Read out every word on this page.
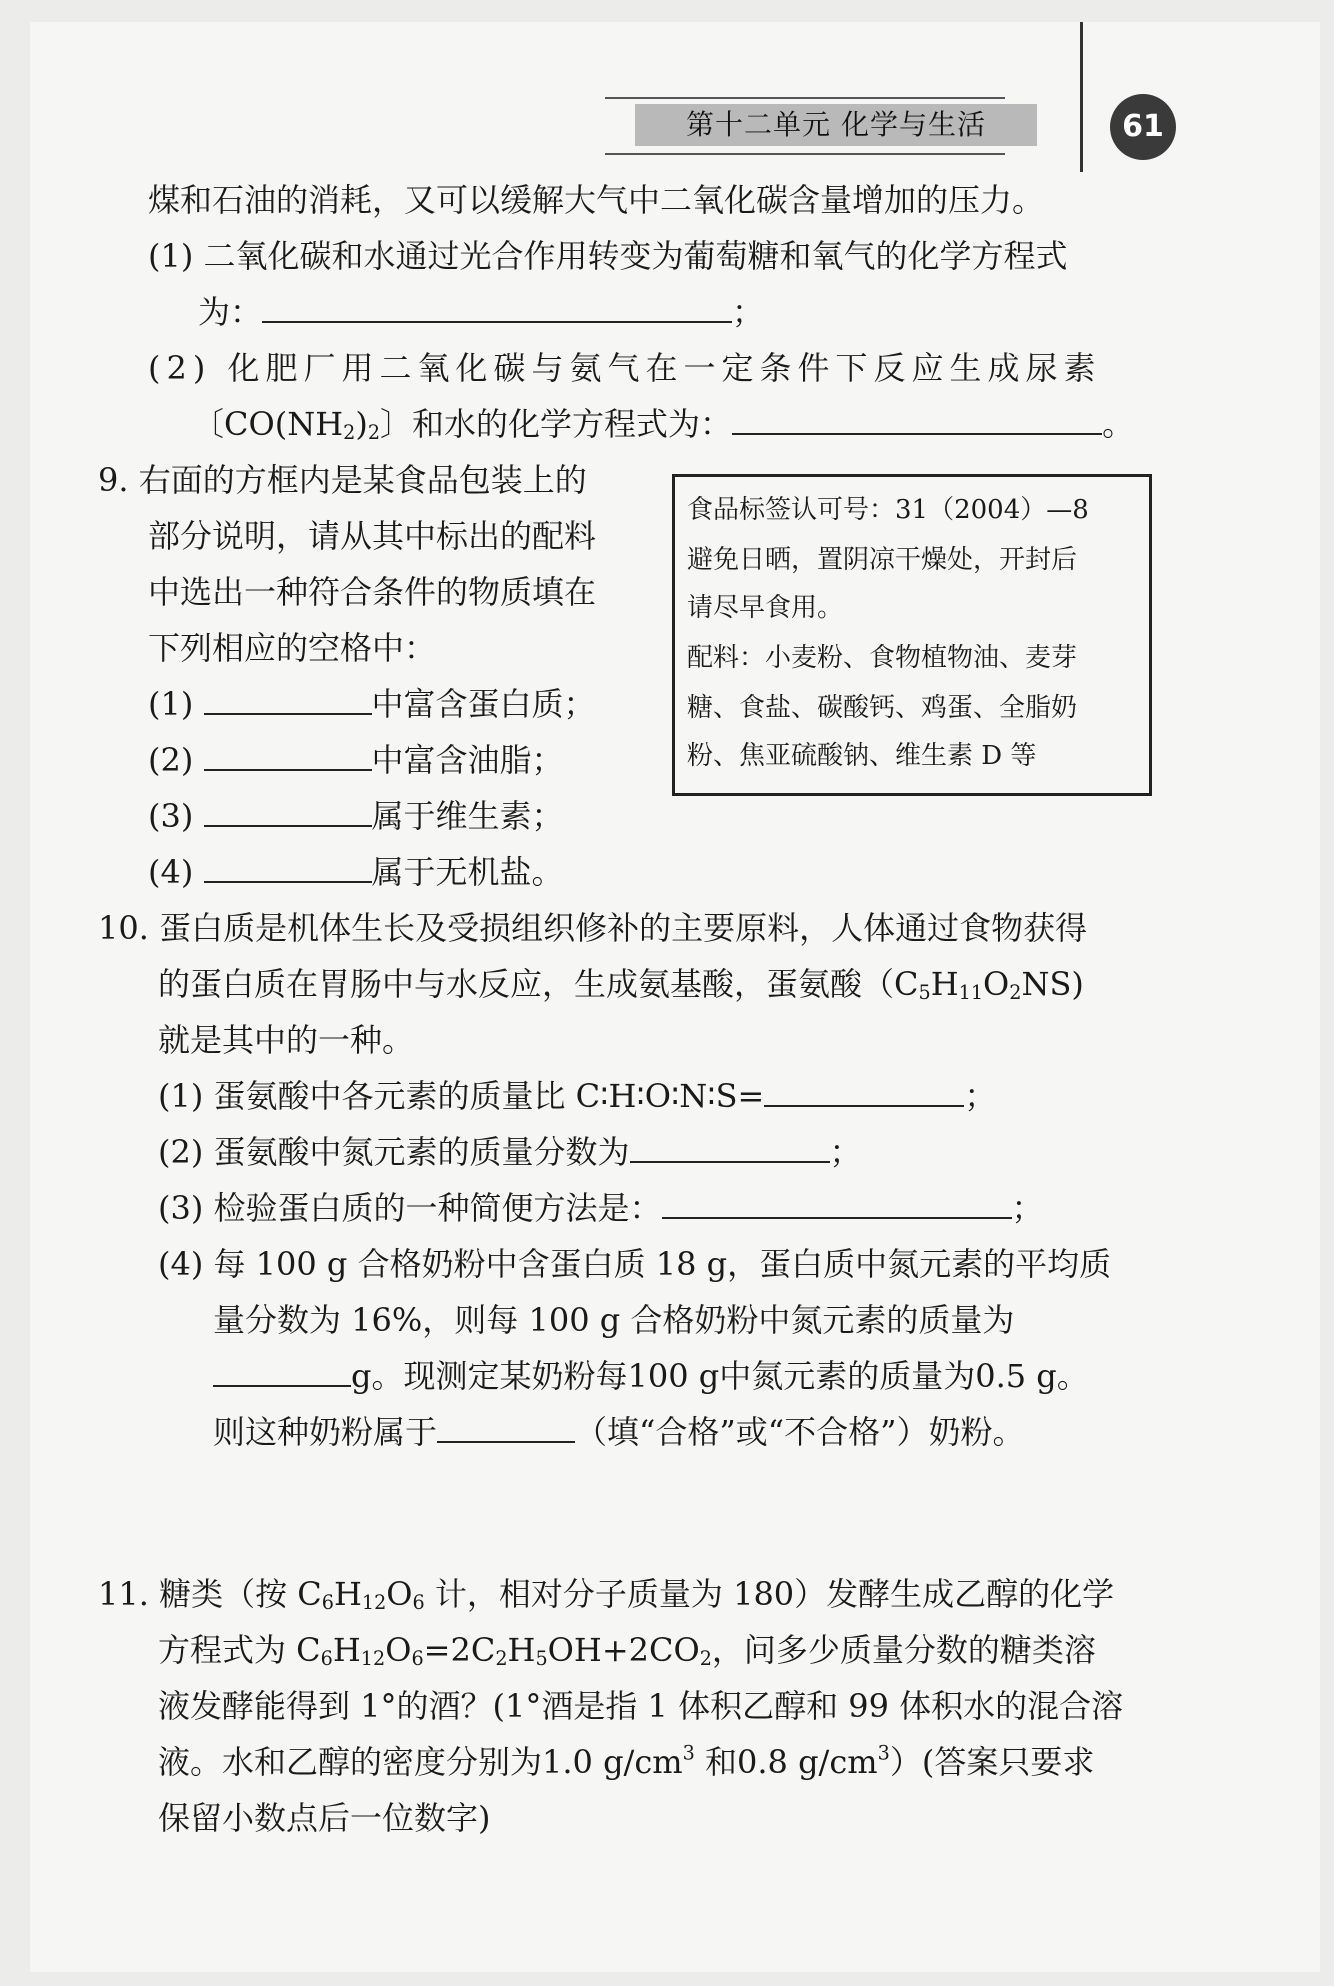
第十二单元 化学与生活	61
煤和石油的消耗，又可以缓解大气中二氧化碳含量增加的压力。
(1) 二氧化碳和水通过光合作用转变为葡萄糖和氧气的化学方程式
为：	；
(2) 化肥厂用二氧化碳与氨气在一定条件下反应生成尿素
〔$CO(NH_2)_2$〕和水的化学方程式为：	。
9. 右面的方框内是某食品包装上的
部分说明，请从其中标出的配料
中选出一种符合条件的物质填在
下列相应的空格中：
(1)	中富含蛋白质；
(2)	中富含油脂；
(3)	属于维生素；
(4)	属于无机盐。
食品标签认可号：31（2004）—8
避免日晒，置阴凉干燥处，开封后
请尽早食用。
配料：小麦粉、食物植物油、麦芽
糖、食盐、碳酸钙、鸡蛋、全脂奶
粉、焦亚硫酸钠、维生素 D 等
10. 蛋白质是机体生长及受损组织修补的主要原料，人体通过食物获得
的蛋白质在胃肠中与水反应，生成氨基酸，蛋氨酸$(C_5H_{11}O_2NS)$
就是其中的一种。
(1) 蛋氨酸中各元素的质量比 C∶H∶O∶N∶S=	；
(2) 蛋氨酸中氮元素的质量分数为	；
(3) 检验蛋白质的一种简便方法是：	；
(4) 每 100 g 合格奶粉中含蛋白质 18 g，蛋白质中氮元素的平均质
量分数为 16%，则每 100 g 合格奶粉中氮元素的质量为
g。现测定某奶粉每100 g中氮元素的质量为0.5 g。
则这种奶粉属于	（填“合格”或“不合格”）奶粉。
11. 糖类（按 $C_6H_{12}O_6$ 计，相对分子质量为 180）发酵生成乙醇的化学
方程式为 $C_6H_{12}O_6=2C_2H_5OH+2CO_2$，问多少质量分数的糖类溶
液发酵能得到 1°的酒？(1°酒是指 1 体积乙醇和 99 体积水的混合溶
液。水和乙醇的密度分别为1.0 $g/cm^3$ 和0.8 $g/cm^3$）(答案只要求
保留小数点后一位数字)
